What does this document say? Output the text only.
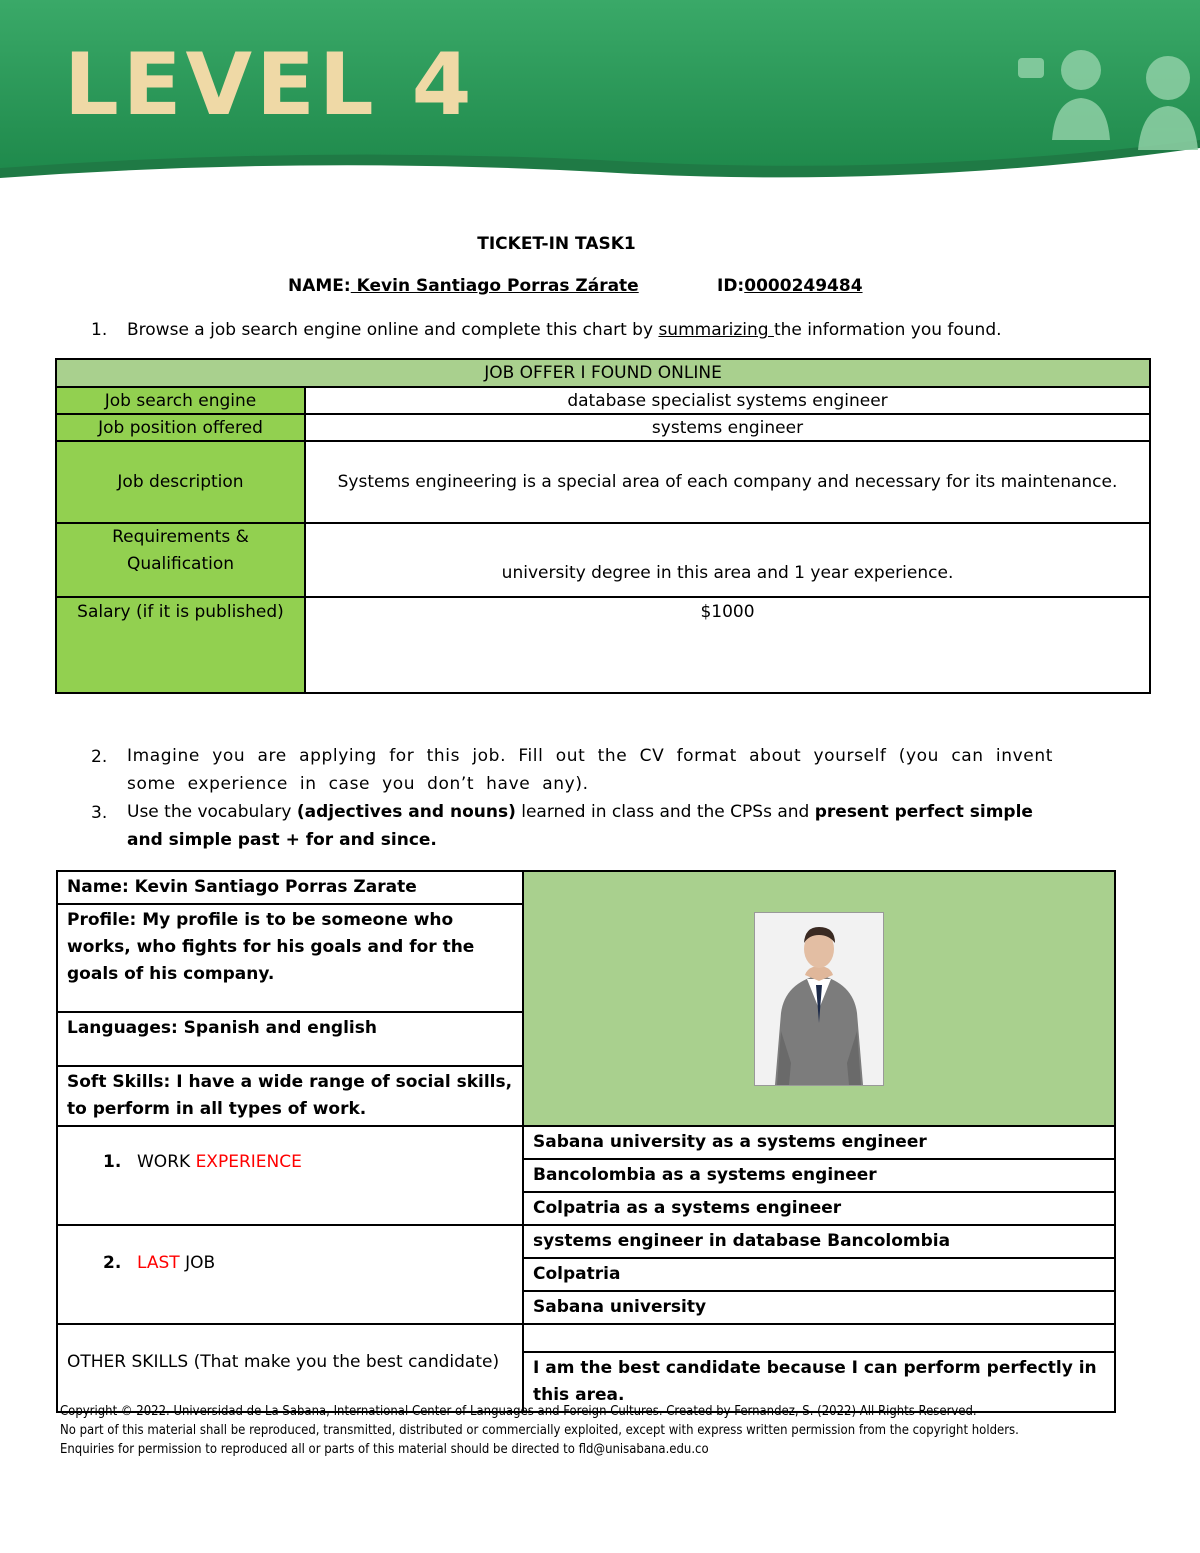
LEVEL 4
TICKET-IN TASK1
NAME: Kevin Santiago Porras Zárate	ID:0000249484
1. Browse a job search engine online and complete this chart by summarizing the information you found.
JOB OFFER I FOUND ONLINE	
Job search engine	database specialist systems engineer
Job position offered	systems engineer
Job description	Systems engineering is a special area of each company and necessary for its maintenance.
Requirements & Qualification	university degree in this area and 1 year experience.
Salary (if it is published)	$1000
2. Imagine you are applying for this job. Fill out the CV format about yourself (you can invent some experience in case you don’t have any).
3. Use the vocabulary (adjectives and nouns) learned in class and the CPSs and present perfect simple and simple past + for and since.
Name: Kevin Santiago Porras Zarate	
Profile: My profile is to be someone who works, who fights for his goals and for the goals of his company.	
Languages: Spanish and english	
Soft Skills: I have a wide range of social skills, to perform in all types of work.	
1. WORK EXPERIENCE	Sabana university as a systems engineer
	Bancolombia as a systems engineer
	Colpatria as a systems engineer
2. LAST JOB	systems engineer in database Bancolombia
	Colpatria
	Sabana university
OTHER SKILLS (That make you the best candidate)	
	I am the best candidate because I can perform perfectly in this area.
Copyright © 2022. Universidad de La Sabana, International Center of Languages and Foreign Cultures. Created by Fernandez, S. (2022) All Rights Reserved.
No part of this material shall be reproduced, transmitted, distributed or commercially exploited, except with express written permission from the copyright holders. Enquiries for permission to reproduced all or parts of this material should be directed to fld@unisabana.edu.co
